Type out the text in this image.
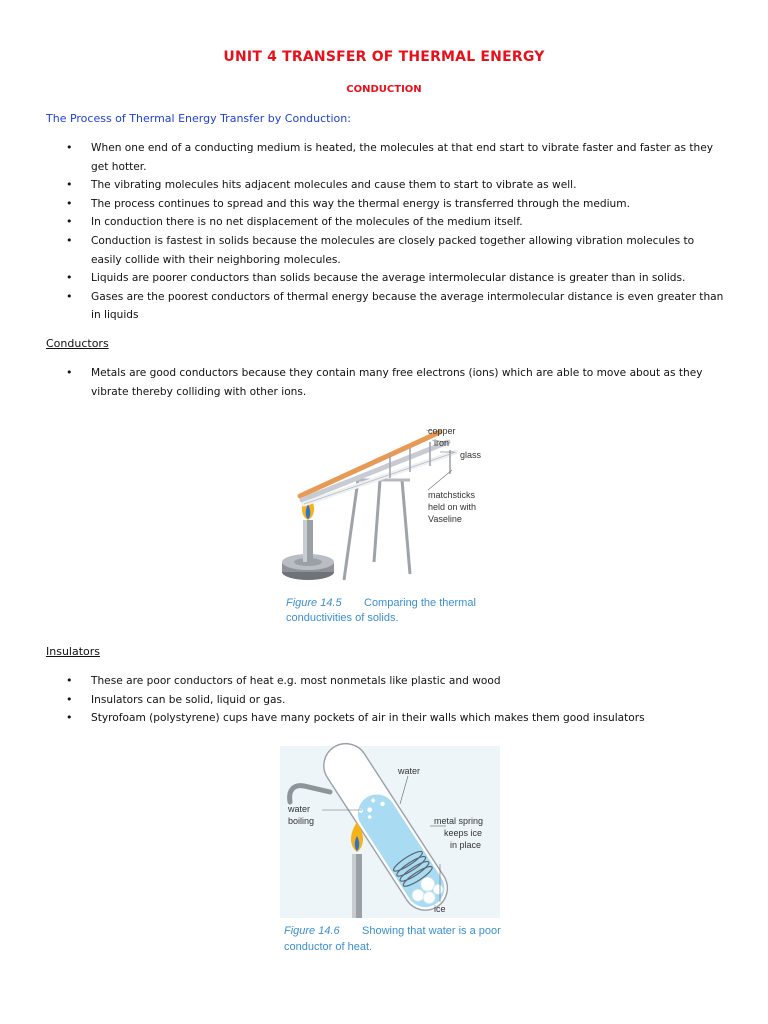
UNIT 4 TRANSFER OF THERMAL ENERGY
CONDUCTION
The Process of Thermal Energy Transfer by Conduction:
• When one end of a conducting medium is heated, the molecules at that end start to vibrate faster and faster as they get hotter.
• The vibrating molecules hits adjacent molecules and cause them to start to vibrate as well.
• The process continues to spread and this way the thermal energy is transferred through the medium.
• In conduction there is no net displacement of the molecules of the medium itself.
• Conduction is fastest in solids because the molecules are closely packed together allowing vibration molecules to easily collide with their neighboring molecules.
• Liquids are poorer conductors than solids because the average intermolecular distance is greater than in solids.
• Gases are the poorest conductors of thermal energy because the average intermolecular distance is even greater than in liquids
Conductors
• Metals are good conductors because they contain many free electrons (ions) which are able to move about as they vibrate thereby colliding with other ions.
copper
iron
glass
matchsticks
held on with
Vaseline
Figure 14.5 Comparing the thermal
conductivities of solids.
Insulators
• These are poor conductors of heat e.g. most nonmetals like plastic and wood
• Insulators can be solid, liquid or gas.
• Styrofoam (polystyrene) cups have many pockets of air in their walls which makes them good insulators
water
water
boiling	metal spring
keeps ice
in place
ice
Figure 14.6 Showing that water is a poor
conductor of heat.
